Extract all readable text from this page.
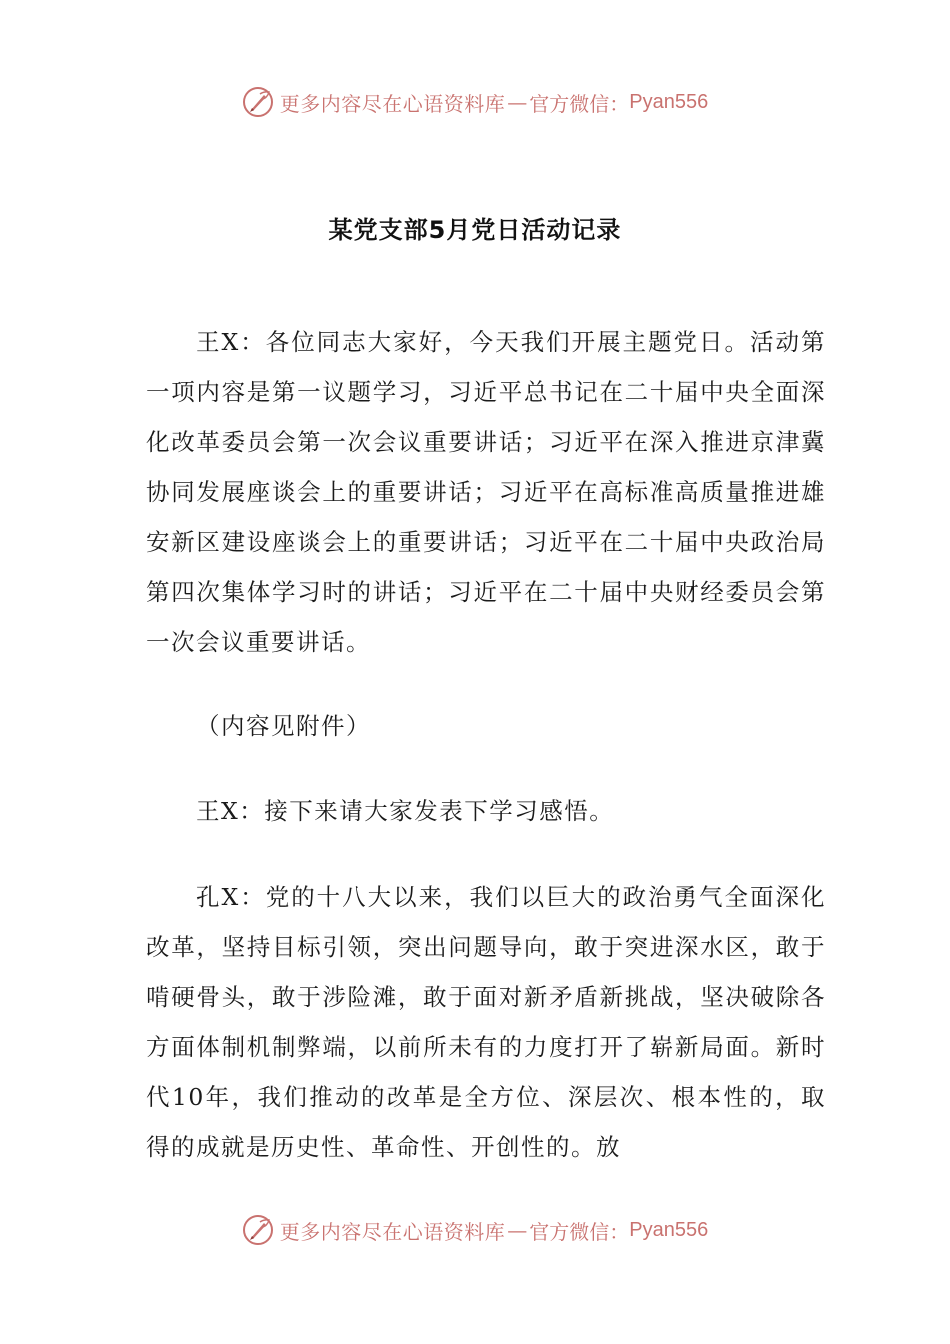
更多内容尽在心语资料库 — 官方微信： Pyan556
某党支部5月党日活动记录

王X：各位同志大家好，今天我们开展主题党日。活动第一项内容是第一议题学习，习近平总书记在二十届中央全面深化改革委员会第一次会议重要讲话；习近平在深入推进京津冀协同发展座谈会上的重要讲话；习近平在高标准高质量推进雄安新区建设座谈会上的重要讲话；习近平在二十届中央政治局第四次集体学习时的讲话；习近平在二十届中央财经委员会第一次会议重要讲话。

（内容见附件）

王X：接下来请大家发表下学习感悟。

孔X：党的十八大以来，我们以巨大的政治勇气全面深化改革，坚持目标引领，突出问题导向，敢于突进深水区，敢于啃硬骨头，敢于涉险滩，敢于面对新矛盾新挑战，坚决破除各方面体制机制弊端，以前所未有的力度打开了崭新局面。新时代10年，我们推动的改革是全方位、深层次、根本性的，取得的成就是历史性、革命性、开创性的。放

更多内容尽在心语资料库 — 官方微信： Pyan556
